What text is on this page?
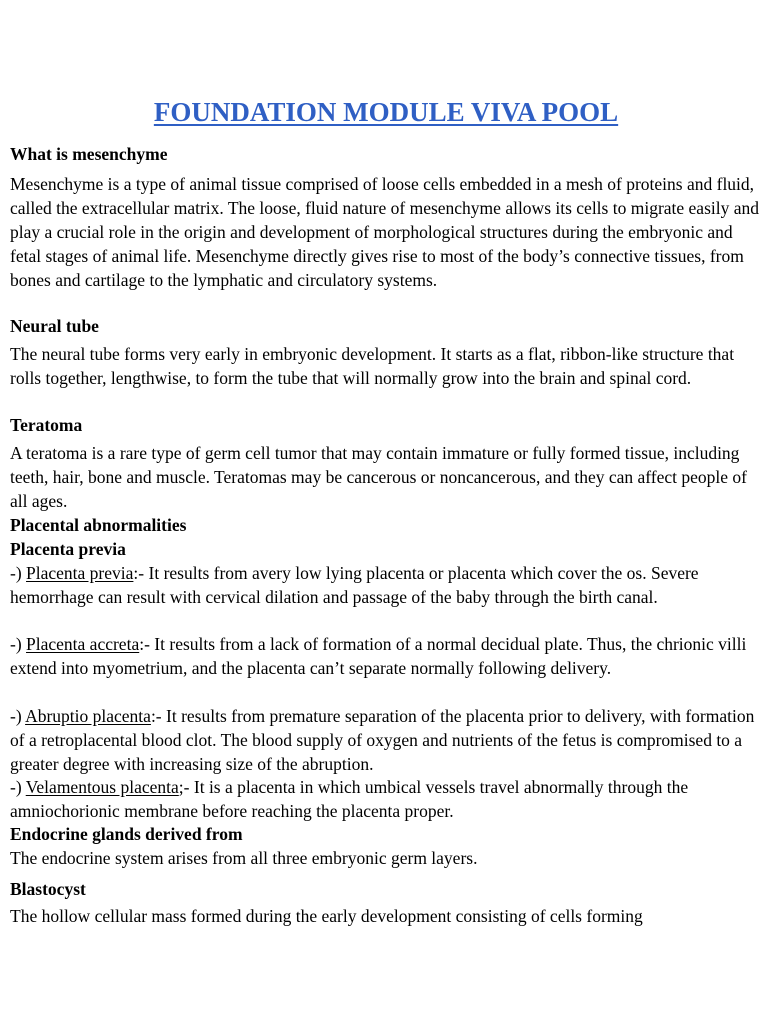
FOUNDATION MODULE VIVA POOL
What is mesenchyme
Mesenchyme is a type of animal tissue comprised of loose cells embedded in a mesh of proteins and fluid, called the extracellular matrix. The loose, fluid nature of mesenchyme allows its cells to migrate easily and play a crucial role in the origin and development of morphological structures during the embryonic and fetal stages of animal life. Mesenchyme directly gives rise to most of the body’s connective tissues, from bones and cartilage to the lymphatic and circulatory systems.
Neural tube
The neural tube forms very early in embryonic development. It starts as a flat, ribbon-like structure that rolls together, lengthwise, to form the tube that will normally grow into the brain and spinal cord.
Teratoma
A teratoma is a rare type of germ cell tumor that may contain immature or fully formed tissue, including teeth, hair, bone and muscle. Teratomas may be cancerous or noncancerous, and they can affect people of all ages.
Placental abnormalities
Placenta previa
-) Placenta previa:- It results from avery low lying placenta or placenta which cover the os. Severe hemorrhage can result with cervical dilation and passage of the baby through the birth canal.
-) Placenta accreta:- It results from a lack of formation of a normal decidual plate. Thus, the chrionic villi extend into myometrium, and the placenta can’t separate normally following delivery.
-) Abruptio placenta:- It results from premature separation of the placenta prior to delivery, with formation of a retroplacental blood clot. The blood supply of oxygen and nutrients of the fetus is compromised to a greater degree with increasing size of the abruption.
-) Velamentous placenta;- It is a placenta in which umbical vessels travel abnormally through the amniochorionic membrane before reaching the placenta proper.
Endocrine glands derived from
The endocrine system arises from all three embryonic germ layers.
Blastocyst
The hollow cellular mass formed during the early development consisting of cells forming
